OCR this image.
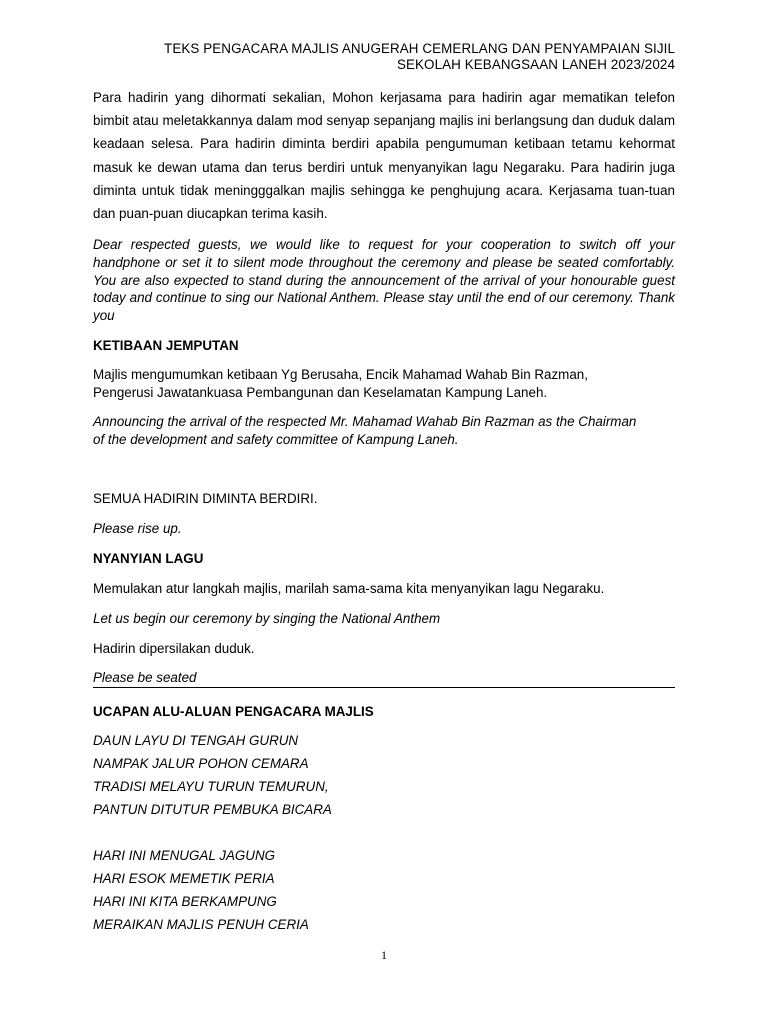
TEKS PENGACARA MAJLIS ANUGERAH CEMERLANG DAN PENYAMPAIAN SIJIL
SEKOLAH KEBANGSAAN LANEH 2023/2024

Para hadirin yang dihormati sekalian, Mohon kerjasama para hadirin agar mematikan telefon bimbit atau meletakkannya dalam mod senyap sepanjang majlis ini berlangsung dan duduk dalam keadaan selesa. Para hadirin diminta berdiri apabila pengumuman ketibaan tetamu kehormat masuk ke dewan utama dan terus berdiri untuk menyanyikan lagu Negaraku. Para hadirin juga diminta untuk tidak meningggalkan majlis sehingga ke penghujung acara. Kerjasama tuan-tuan dan puan-puan diucapkan terima kasih.

Dear respected guests, we would like to request for your cooperation to switch off your handphone or set it to silent mode throughout the ceremony and please be seated comfortably. You are also expected to stand during the announcement of the arrival of your honourable guest today and continue to sing our National Anthem. Please stay until the end of our ceremony. Thank you

KETIBAAN JEMPUTAN
Majlis mengumumkan ketibaan Yg Berusaha, Encik Mahamad Wahab Bin Razman,
Pengerusi Jawatankuasa Pembangunan dan Keselamatan Kampung Laneh.
Announcing the arrival of the respected Mr. Mahamad Wahab Bin Razman as the Chairman
of the development and safety committee of Kampung Laneh.
SEMUA HADIRIN DIMINTA BERDIRI.
Please rise up.
NYANYIAN LAGU
Memulakan atur langkah majlis, marilah sama-sama kita menyanyikan lagu Negaraku.
Let us begin our ceremony by singing the National Anthem
Hadirin dipersilakan duduk.
Please be seated
UCAPAN ALU-ALUAN PENGACARA MAJLIS
DAUN LAYU DI TENGAH GURUN
NAMPAK JALUR POHON CEMARA
TRADISI MELAYU TURUN TEMURUN,
PANTUN DITUTUR PEMBUKA BICARA
HARI INI MENUGAL JAGUNG
HARI ESOK MEMETIK PERIA
HARI INI KITA BERKAMPUNG
MERAIKAN MAJLIS PENUH CERIA
1
